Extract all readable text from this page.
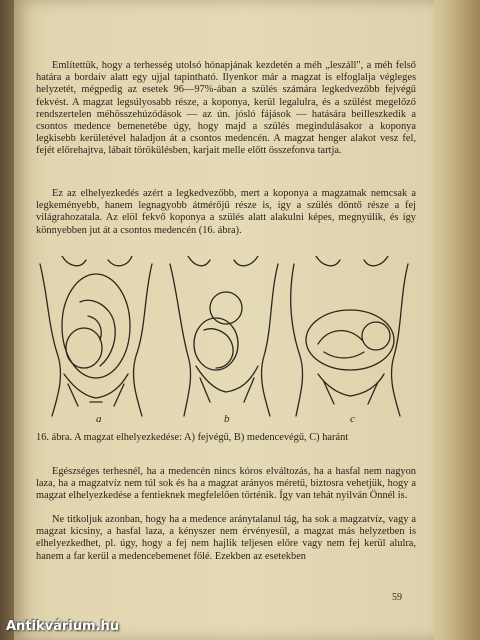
Említettük, hogy a terhesség utolsó hónapjának kezdetén a méh „leszáll", a méh felső határa a bordaív alatt egy ujjal tapintható. Ilyenkor már a magzat is elfoglalja végleges helyzetét, mégpedig az esetek 96—97%-ában a szülés számára legkedvezőbb fejvégű fekvést. A magzat legsúlyosabb része, a koponya, kerül legalulra, és a szülést megelőző rendszertelen méhösszehúzódások — az ún. jósló fájások — hatására beilleszkedik a csontos medence bemenetébe úgy, hogy majd a szülés megindulásakor a koponya legkisebb kerületével haladjon át a csontos medencén. A magzat henger alakot vesz fel, fejét előrehajtva, lábait törökülésben, karjait melle előtt összefonva tartja.

Ez az elhelyezkedés azért a legkedvezőbb, mert a koponya a magzatnak nemcsak a legkeményebb, hanem legnagyobb átmérőjű része is, így a szülés döntő része a fej világrahozatala. Az elöl fekvő koponya a szülés alatt alakulni képes, megnyúlik, és így könnyebben jut át a csontos medencén (16. ábra).

a	b	c
16. ábra. A magzat elhelyezkedése: A) fejvégű, B) medencevégű, C) haránt

Egészséges terhesnél, ha a medencén nincs kóros elváltozás, ha a hasfal nem nagyon laza, ha a magzatvíz nem túl sok és ha a magzat arányos méretű, biztosra vehetjük, hogy a magzat elhelyezkedése a fentieknek megfelelően történik. Így van tehát nyilván Önnél is.

Ne titkoljuk azonban, hogy ha a medence aránytalanul tág, ha sok a magzatvíz, vagy a magzat kicsiny, a hasfal laza, a kényszer nem érvényesül, a magzat más helyzetben is elhelyezkedhet, pl. úgy, hogy a fej nem hajlik teljesen előre vagy nem fej kerül alulra, hanem a far kerül a medencebemenet fölé. Ezekben az esetekben

59
Antikvárium.hu
